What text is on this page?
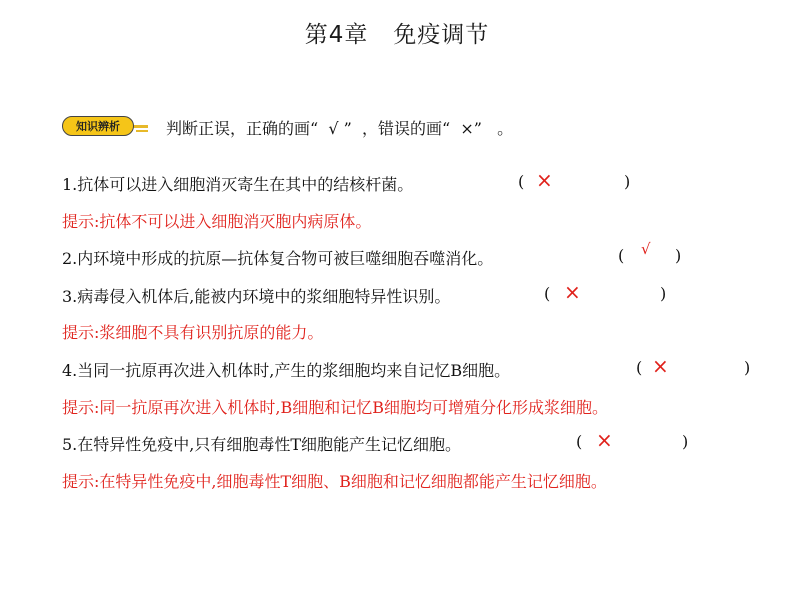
第4章 免疫调节
知识辨析	判断正误，正确的画“  √ ”  ，错误的画“  ×”   。
1.抗体可以进入细胞消灭寄生在其中的结核杆菌。	( ×	)
提示:抗体不可以进入细胞消灭胞内病原体。
2.内环境中形成的抗原—抗体复合物可被巨噬细胞吞噬消化。	( √ )
3.病毒侵入机体后,能被内环境中的浆细胞特异性识别。	( ×	)
提示:浆细胞不具有识别抗原的能力。
4.当同一抗原再次进入机体时,产生的浆细胞均来自记忆B细胞。	( ×	)
提示:同一抗原再次进入机体时,B细胞和记忆B细胞均可增殖分化形成浆细胞。
5.在特异性免疫中,只有细胞毒性T细胞能产生记忆细胞。	( ×	)
提示:在特异性免疫中,细胞毒性T细胞、B细胞和记忆细胞都能产生记忆细胞。
